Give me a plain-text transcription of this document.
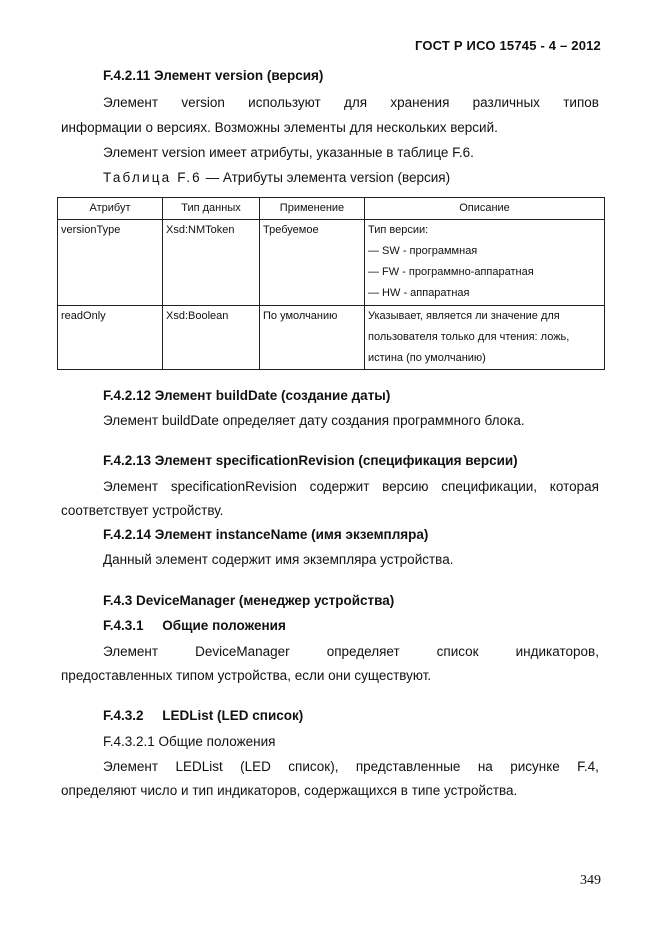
ГОСТ Р ИСО 15745 - 4 – 2012
F.4.2.11 Элемент version (версия)
Элемент version используют для хранения различных типов
информации о версиях. Возможны элементы для нескольких версий.
Элемент version имеет атрибуты, указанные в таблице F.6.
Таблица F.6 — Атрибуты элемента version (версия)
Атрибут	Тип данных	Применение	Описание
versionType	Xsd:NMToken	Требуемое	Тип версии:
— SW - программная
— FW - программно-аппаратная
— HW - аппаратная

readOnly	Xsd:Boolean	По умолчанию	Указывает, является ли значение для
пользователя только для чтения: ложь,
истина (по умолчанию)
F.4.2.12 Элемент buildDate (создание даты)
Элемент buildDate определяет дату создания программного блока.
F.4.2.13 Элемент specificationRevision (спецификация версии)
Элемент specificationRevision содержит версию спецификации, которая
соответствует устройству.
F.4.2.14 Элемент instanceName (имя экземпляра)
Данный элемент содержит имя экземпляра устройства.
F.4.3 DeviceManager (менеджер устройства)
F.4.3.1     Общие положения
Элемент	DeviceManager	определяет	список	индикаторов,
предоставленных типом устройства, если они существуют.
F.4.3.2     LEDList (LED список)
F.4.3.2.1 Общие положения
Элемент LEDList (LED список), представленные на рисунке F.4,
определяют число и тип индикаторов, содержащихся в типе устройства.
349
